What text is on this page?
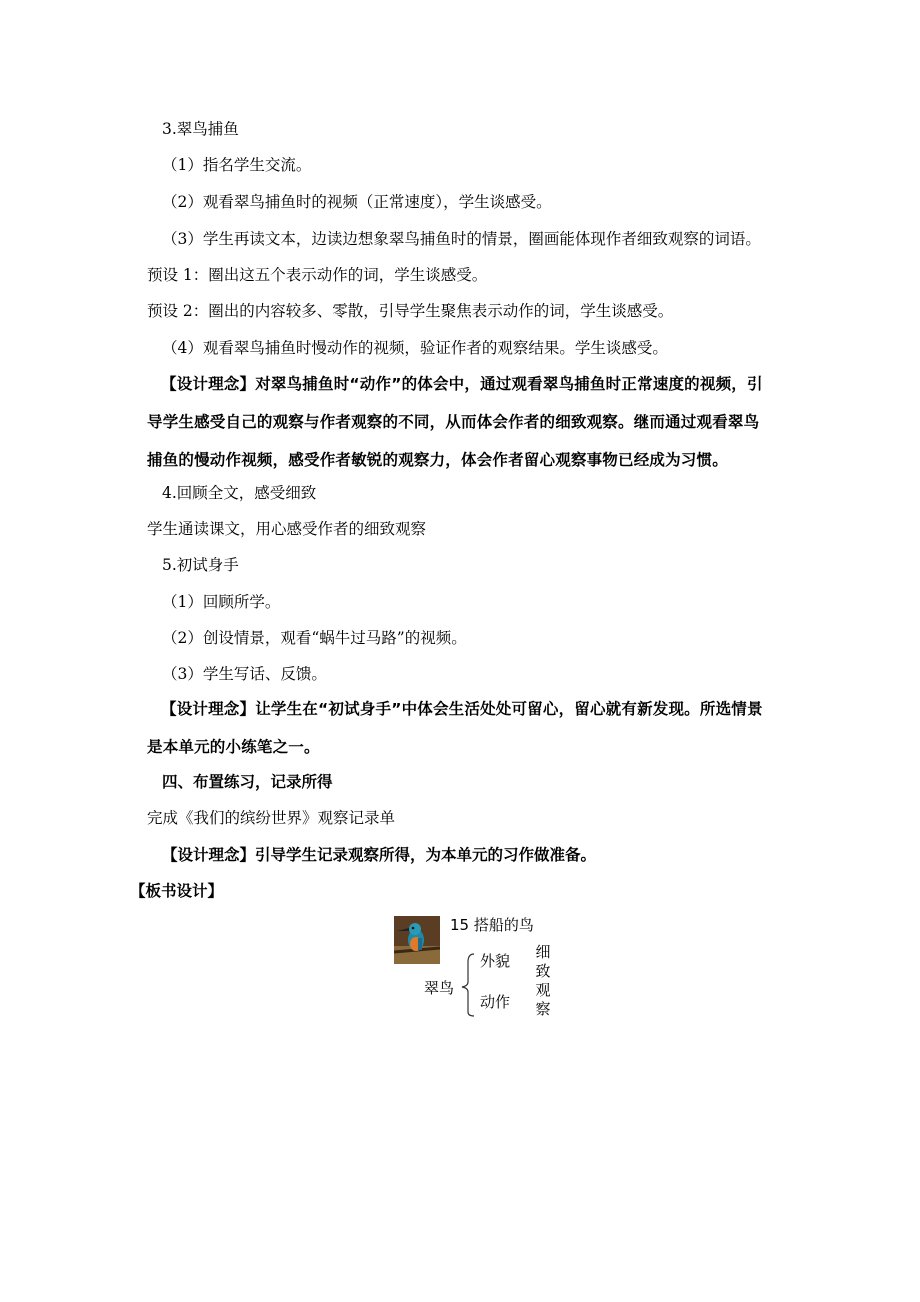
3.翠鸟捕鱼
（1）指名学生交流。
（2）观看翠鸟捕鱼时的视频（正常速度），学生谈感受。
（3）学生再读文本，边读边想象翠鸟捕鱼时的情景，圈画能体现作者细致观察的词语。
预设 1：圈出这五个表示动作的词，学生谈感受。
预设 2：圈出的内容较多、零散，引导学生聚焦表示动作的词，学生谈感受。
（4）观看翠鸟捕鱼时慢动作的视频，验证作者的观察结果。学生谈感受。
【设计理念】对翠鸟捕鱼时“动作”的体会中，通过观看翠鸟捕鱼时正常速度的视频，引导学生感受自己的观察与作者观察的不同，从而体会作者的细致观察。继而通过观看翠鸟捕鱼的慢动作视频，感受作者敏锐的观察力，体会作者留心观察事物已经成为习惯。
4.回顾全文，感受细致
学生通读课文，用心感受作者的细致观察
5.初试身手
（1）回顾所学。
（2）创设情景，观看“蜗牛过马路”的视频。
（3）学生写话、反馈。
【设计理念】让学生在“初试身手”中体会生活处处可留心，留心就有新发现。所选情景是本单元的小练笔之一。
四、布置练习，记录所得
完成《我们的缤纷世界》观察记录单
【设计理念】引导学生记录观察所得，为本单元的习作做准备。
【板书设计】
15 搭船的鸟
翠鸟
外貌
动作
细
致
观
察
